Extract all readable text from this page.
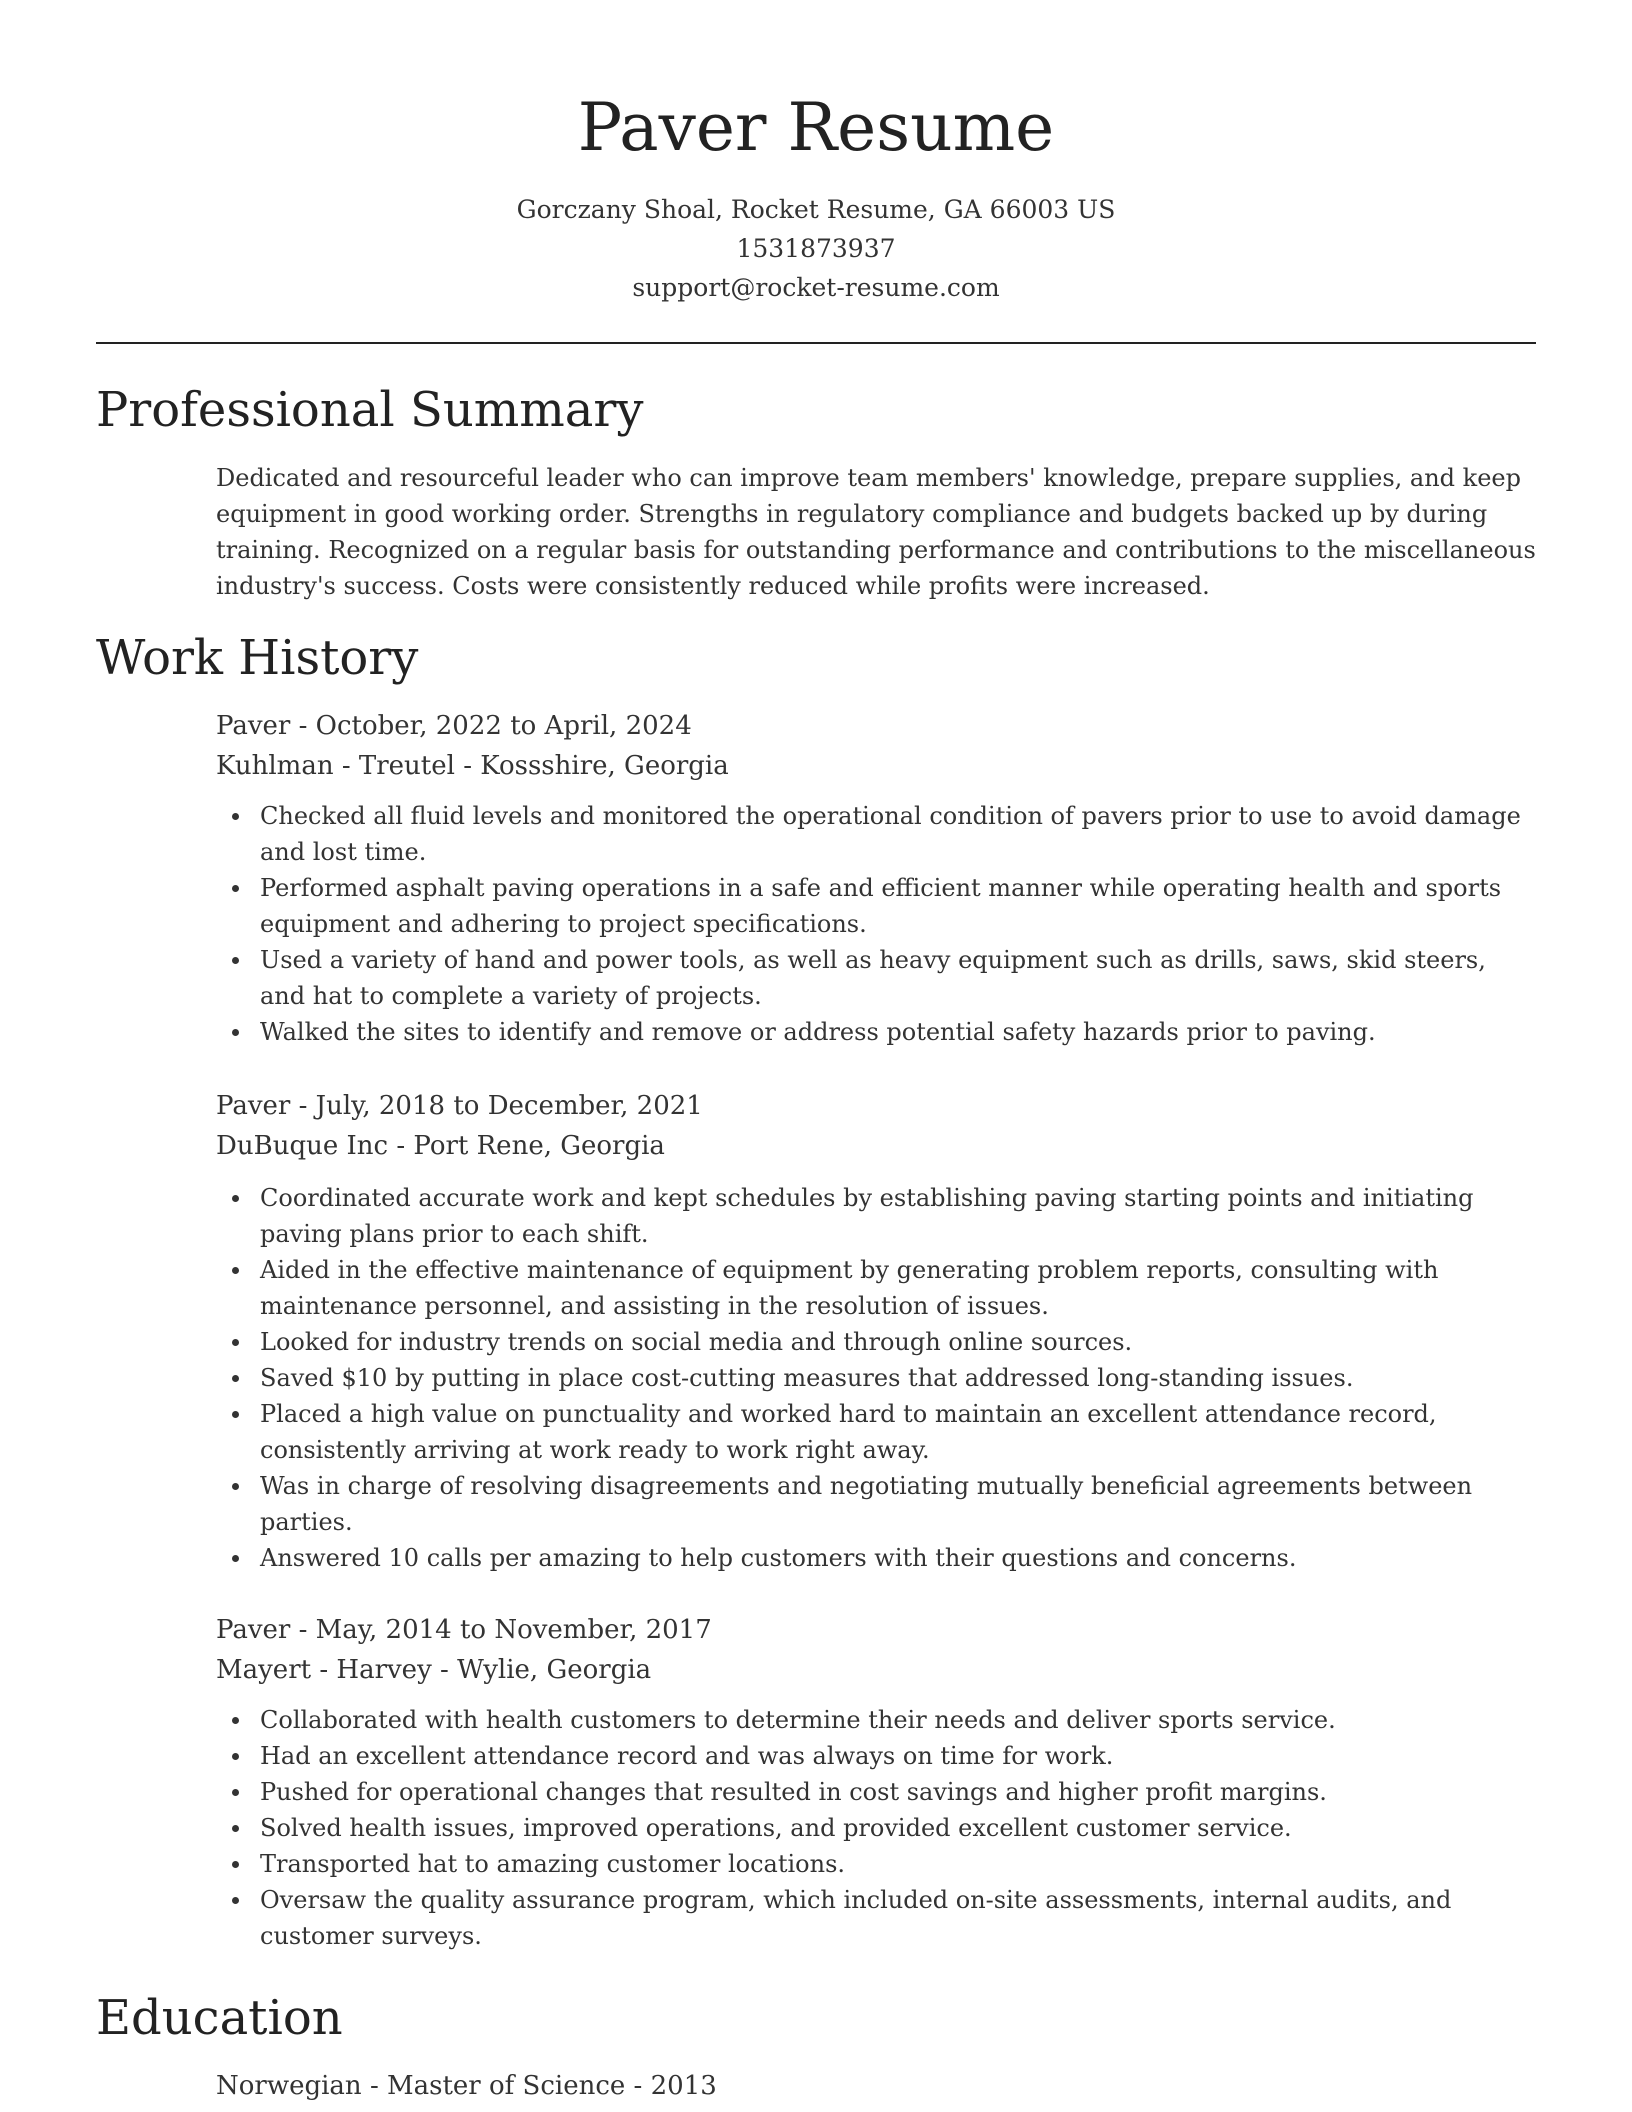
Paver Resume

Gorczany Shoal, Rocket Resume, GA 66003 US

1531873937

support@rocket-resume.com

Professional Summary

Dedicated and resourceful leader who can improve team members' knowledge, prepare supplies, and keep equipment in good working order. Strengths in regulatory compliance and budgets backed up by during training. Recognized on a regular basis for outstanding performance and contributions to the miscellaneous industry's success. Costs were consistently reduced while profits were increased.

Work History

Paver - October, 2022 to April, 2024

Kuhlman - Treutel - Kossshire, Georgia

Checked all fluid levels and monitored the operational condition of pavers prior to use to avoid damage and lost time.
Performed asphalt paving operations in a safe and efficient manner while operating health and sports equipment and adhering to project specifications.
Used a variety of hand and power tools, as well as heavy equipment such as drills, saws, skid steers, and hat to complete a variety of projects.
Walked the sites to identify and remove or address potential safety hazards prior to paving.

Paver - July, 2018 to December, 2021

DuBuque Inc - Port Rene, Georgia

Coordinated accurate work and kept schedules by establishing paving starting points and initiating paving plans prior to each shift.
Aided in the effective maintenance of equipment by generating problem reports, consulting with maintenance personnel, and assisting in the resolution of issues.
Looked for industry trends on social media and through online sources.
Saved $10 by putting in place cost-cutting measures that addressed long-standing issues.
Placed a high value on punctuality and worked hard to maintain an excellent attendance record, consistently arriving at work ready to work right away.
Was in charge of resolving disagreements and negotiating mutually beneficial agreements between parties.
Answered 10 calls per amazing to help customers with their questions and concerns.

Paver - May, 2014 to November, 2017

Mayert - Harvey - Wylie, Georgia

Collaborated with health customers to determine their needs and deliver sports service.
Had an excellent attendance record and was always on time for work.
Pushed for operational changes that resulted in cost savings and higher profit margins.
Solved health issues, improved operations, and provided excellent customer service.
Transported hat to amazing customer locations.
Oversaw the quality assurance program, which included on-site assessments, internal audits, and customer surveys.
Education

Norwegian - Master of Science - 2013
